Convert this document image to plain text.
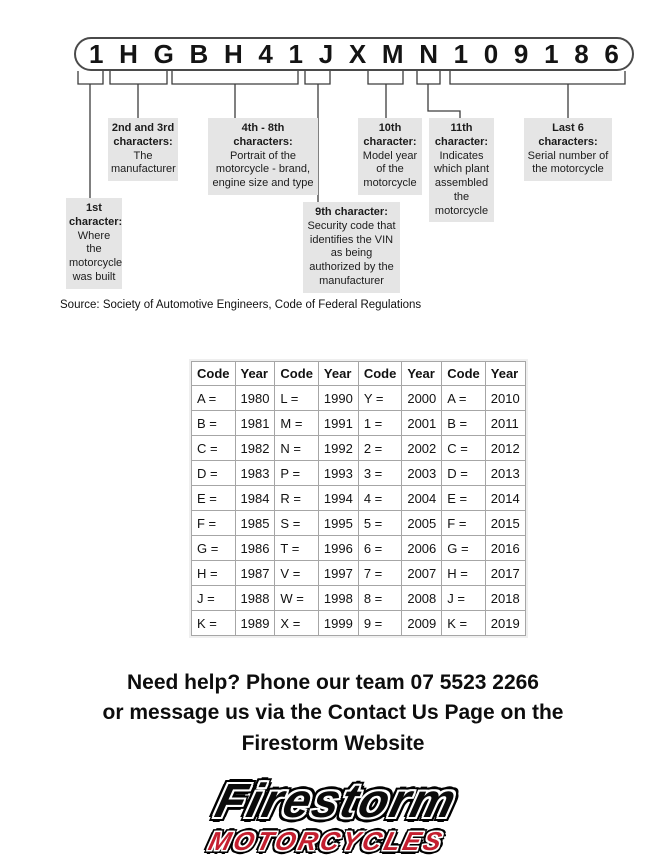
1 H G B H 4 1 J X M N 1 0 9 1 8 6
1st character:
Where the motorcycle was built
2nd and 3rd characters:
The manufacturer
4th - 8th characters:
Portrait of the motorcycle - brand, engine size and type
9th character:
Security code that identifies the VIN as being authorized by the manufacturer
10th character:
Model year of the motorcycle
11th character:
Indicates which plant assembled the motorcycle
Last 6 characters:
Serial number of the motorcycle

Source: Society of Automotive Engineers, Code of Federal Regulations

Code	Year	Code	Year	Code	Year	Code	Year
A =	1980	L =	1990	Y =	2000	A =	2010
B =	1981	M =	1991	1 =	2001	B =	2011
C =	1982	N =	1992	2 =	2002	C =	2012
D =	1983	P =	1993	3 =	2003	D =	2013
E =	1984	R =	1994	4 =	2004	E =	2014
F =	1985	S =	1995	5 =	2005	F =	2015
G =	1986	T =	1996	6 =	2006	G =	2016
H =	1987	V =	1997	7 =	2007	H =	2017
J =	1988	W =	1998	8 =	2008	J =	2018
K =	1989	X =	1999	9 =	2009	K =	2019
Need help? Phone our team 07 5523 2266
or message us via the Contact Us Page on the
Firestorm Website
Firestorm
MOTORCYCLES
